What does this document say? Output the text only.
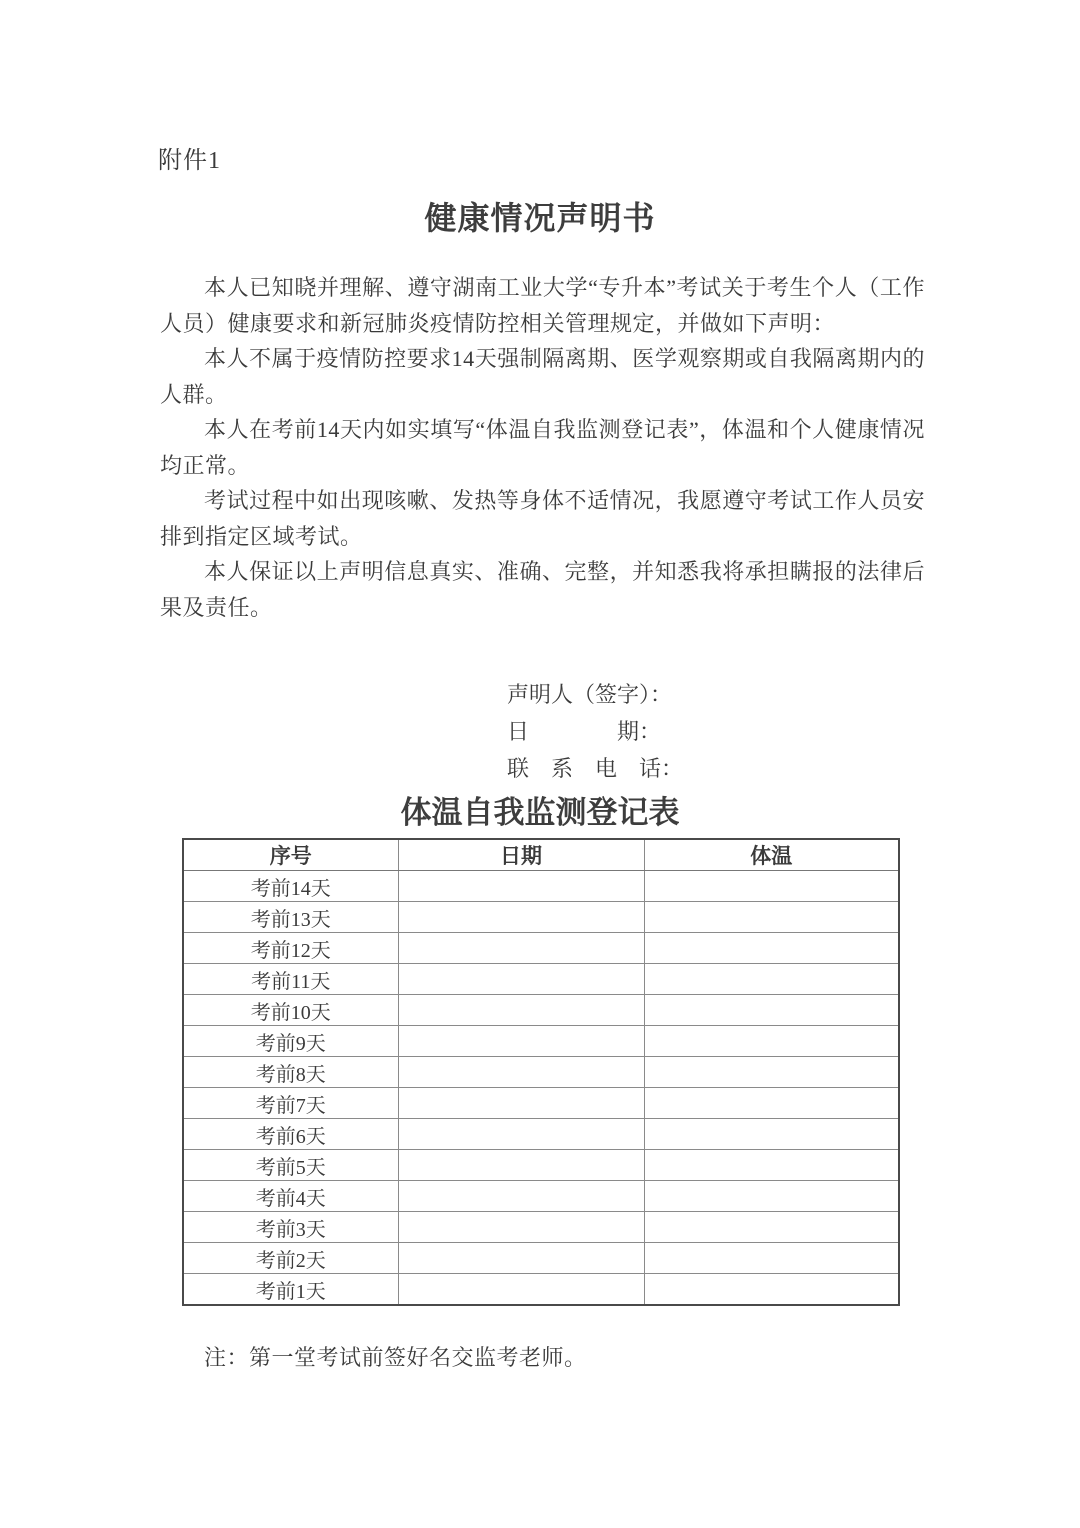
附件1
健康情况声明书

本人已知晓并理解、遵守湖南工业大学“专升本”考试关于考生个人（工作人员）健康要求和新冠肺炎疫情防控相关管理规定，并做如下声明：

本人不属于疫情防控要求14天强制隔离期、医学观察期或自我隔离期内的人群。

本人在考前14天内如实填写“体温自我监测登记表”，体温和个人健康情况均正常。

考试过程中如出现咳嗽、发热等身体不适情况，我愿遵守考试工作人员安排到指定区域考试。

本人保证以上声明信息真实、准确、完整，并知悉我将承担瞒报的法律后果及责任。

声明人（签字）：
日　　　　期：
联　系　电　话：
体温自我监测登记表
序号	日期	体温
考前14天		
考前13天		
考前12天		
考前11天		
考前10天		
考前9天		
考前8天		
考前7天		
考前6天		
考前5天		
考前4天		
考前3天		
考前2天		
考前1天		
注：第一堂考试前签好名交监考老师。
